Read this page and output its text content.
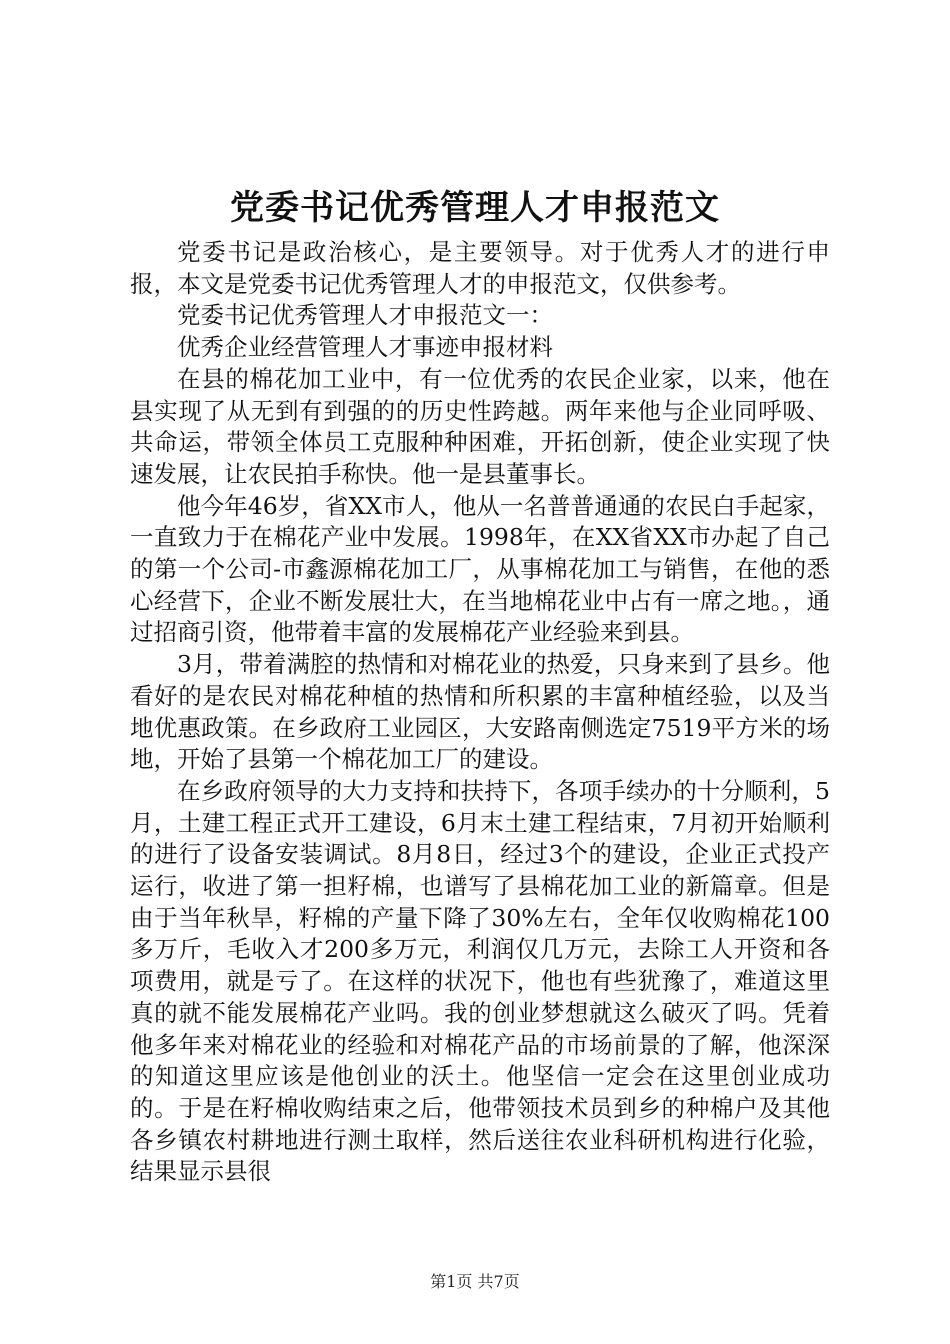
党委书记优秀管理人才申报范文

党委书记是政治核心，是主要领导。对于优秀人才的进行申报，本文是党委书记优秀管理人才的申报范文，仅供参考。

党委书记优秀管理人才申报范文一：

优秀企业经营管理人才事迹申报材料

在县的棉花加工业中，有一位优秀的农民企业家，以来，他在县实现了从无到有到强的的历史性跨越。两年来他与企业同呼吸、共命运，带领全体员工克服种种困难，开拓创新，使企业实现了快速发展，让农民拍手称快。他一是县董事长。

他今年46岁，省XX市人，他从一名普普通通的农民白手起家，一直致力于在棉花产业中发展。1998年，在XX省XX市办起了自己的第一个公司-市鑫源棉花加工厂，从事棉花加工与销售，在他的悉心经营下，企业不断发展壮大，在当地棉花业中占有一席之地。，通过招商引资，他带着丰富的发展棉花产业经验来到县。

3月，带着满腔的热情和对棉花业的热爱，只身来到了县乡。他看好的是农民对棉花种植的热情和所积累的丰富种植经验，以及当地优惠政策。在乡政府工业园区，大安路南侧选定7519平方米的场地，开始了县第一个棉花加工厂的建设。

在乡政府领导的大力支持和扶持下，各项手续办的十分顺利，5月，土建工程正式开工建设，6月末土建工程结束，7月初开始顺利的进行了设备安装调试。8月8日，经过3个的建设，企业正式投产运行，收进了第一担籽棉，也谱写了县棉花加工业的新篇章。但是由于当年秋旱，籽棉的产量下降了30%左右，全年仅收购棉花100多万斤，毛收入才200多万元，利润仅几万元，去除工人开资和各项费用，就是亏了。在这样的状况下，他也有些犹豫了，难道这里真的就不能发展棉花产业吗。我的创业梦想就这么破灭了吗。凭着他多年来对棉花业的经验和对棉花产品的市场前景的了解，他深深的知道这里应该是他创业的沃土。他坚信一定会在这里创业成功的。于是在籽棉收购结束之后，他带领技术员到乡的种棉户及其他各乡镇农村耕地进行测土取样，然后送往农业科研机构进行化验，结果显示县很

第1页 共7页
